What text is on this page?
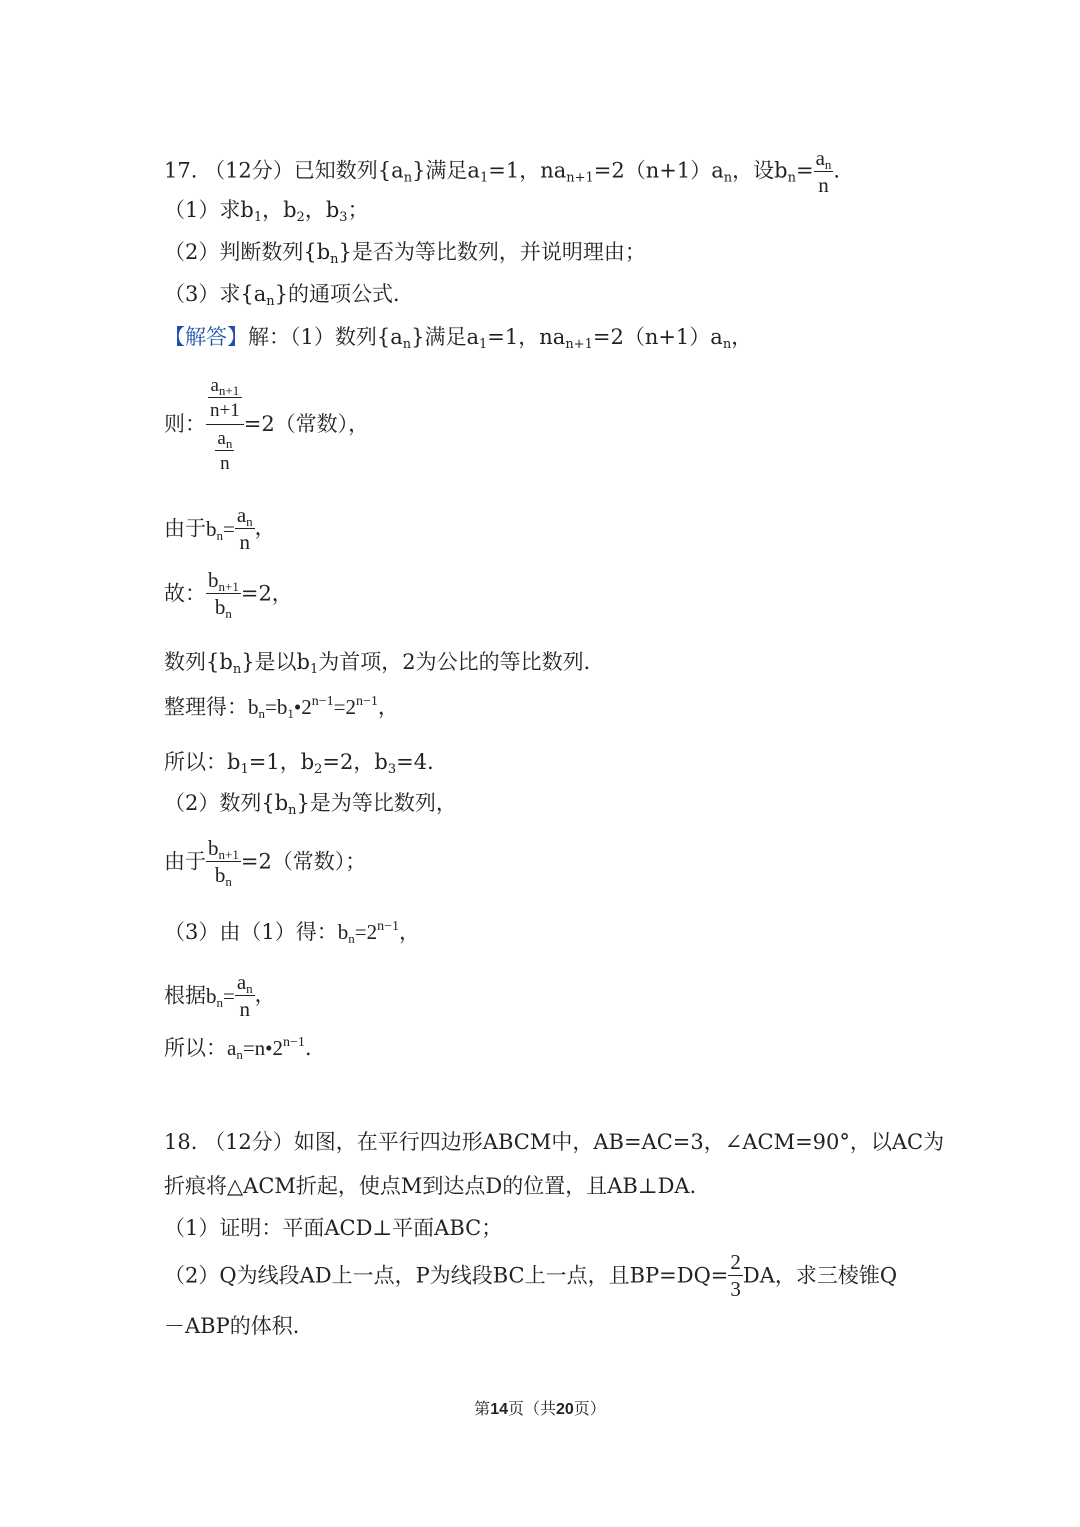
17. （12分）已知数列$\{a_n\}$满足$a_1=1$，$na_{n+1}=2(n+1)a_n$，设$b_n= \frac{a_n}{n}$ .
（1）求$b_1$，$b_2$，$b_3$；
（2）判断数列$\{b_n\}$是否为等比数列，并说明理由；
（3）求$\{a_n\}$的通项公式．
【解答】解：（1）数列$\{a_n\}$满足$a_1=1$，$na_{n+1}=2(n+1)a_n$，
则： $\frac{\frac{a_{n+1}}{n+1}}{\frac{a_n}{n}} =2$（常数），
由于$b_n= \frac{a_n}{n}$ ，
故： $\frac{b_{n+1}}{b_n} =2$，
数列$\{b_n\}$是以$b_1$为首项，2为公比的等比数列．
整理得：$b_n=b_1•2^{n-1}=2^{n-1}$，
所以：$b_1=1$，$b_2=2$，$b_3=4$．
（2）数列$\{b_n\}$是为等比数列，
由于 $\frac{b_{n+1}}{b_n} =2$（常数）；
（3）由（1）得：$b_n=2^{n-1}$，
根据$b_n= \frac{a_n}{n}$ ，
所以：$a_n=n•2^{n-1}$．
18. （12分）如图，在平行四边形ABCM中，AB=AC=3，∠ACM=90°，以AC为
折痕将△ACM折起，使点M到达点D的位置，且AB⊥DA．
（1）证明：平面ACD⊥平面ABC；
（2）Q为线段AD上一点，P为线段BC上一点，且$BP=DQ= \frac{2}{3}$ DA，求三棱锥Q
－ABP的体积．
第14页（共20页）
